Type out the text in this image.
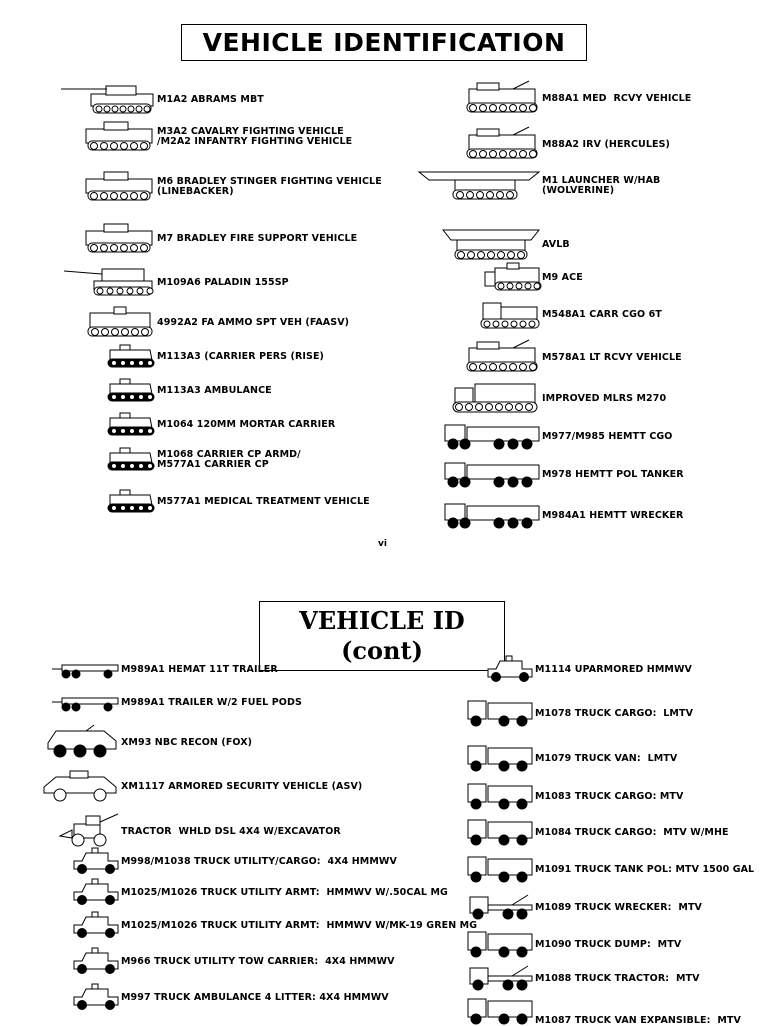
VEHICLE IDENTIFICATION
vi
VEHICLE ID
(cont)
M1A2 ABRAMS MBT
M3A2 CAVALRY FIGHTING VEHICLE
/M2A2 INFANTRY FIGHTING VEHICLE
M6 BRADLEY STINGER FIGHTING VEHICLE
(LINEBACKER)
M7 BRADLEY FIRE SUPPORT VEHICLE
M109A6 PALADIN 155SP
4992A2 FA AMMO SPT VEH (FAASV)
M113A3 (CARRIER PERS (RISE)
M113A3 AMBULANCE
M1064 120MM MORTAR CARRIER
M1068 CARRIER CP ARMD/
M577A1 CARRIER CP
M577A1 MEDICAL TREATMENT VEHICLE
M88A1 MED  RCVY VEHICLE
M88A2 IRV (HERCULES)
M1 LAUNCHER W/HAB
(WOLVERINE)
AVLB
M9 ACE
M548A1 CARR CGO 6T
M578A1 LT RCVY VEHICLE
IMPROVED MLRS M270
M977/M985 HEMTT CGO
M978 HEMTT POL TANKER
M984A1 HEMTT WRECKER
M989A1 HEMAT 11T TRAILER
M989A1 TRAILER W/2 FUEL PODS
XM93 NBC RECON (FOX)
XM1117 ARMORED SECURITY VEHICLE (ASV)
TRACTOR  WHLD DSL 4X4 W/EXCAVATOR
M998/M1038 TRUCK UTILITY/CARGO:  4X4 HMMWV
M1025/M1026 TRUCK UTILITY ARMT:  HMMWV W/.50CAL MG
M1025/M1026 TRUCK UTILITY ARMT:  HMMWV W/MK-19 GREN MG
M966 TRUCK UTILITY TOW CARRIER:  4X4 HMMWV
M997 TRUCK AMBULANCE 4 LITTER: 4X4 HMMWV
M1114 UPARMORED HMMWV
M1078 TRUCK CARGO:  LMTV
M1079 TRUCK VAN:  LMTV
M1083 TRUCK CARGO: MTV
M1084 TRUCK CARGO:  MTV W/MHE
M1091 TRUCK TANK POL: MTV 1500 GAL
M1089 TRUCK WRECKER:  MTV
M1090 TRUCK DUMP:  MTV
M1088 TRUCK TRACTOR:  MTV
M1087 TRUCK VAN EXPANSIBLE:  MTV
